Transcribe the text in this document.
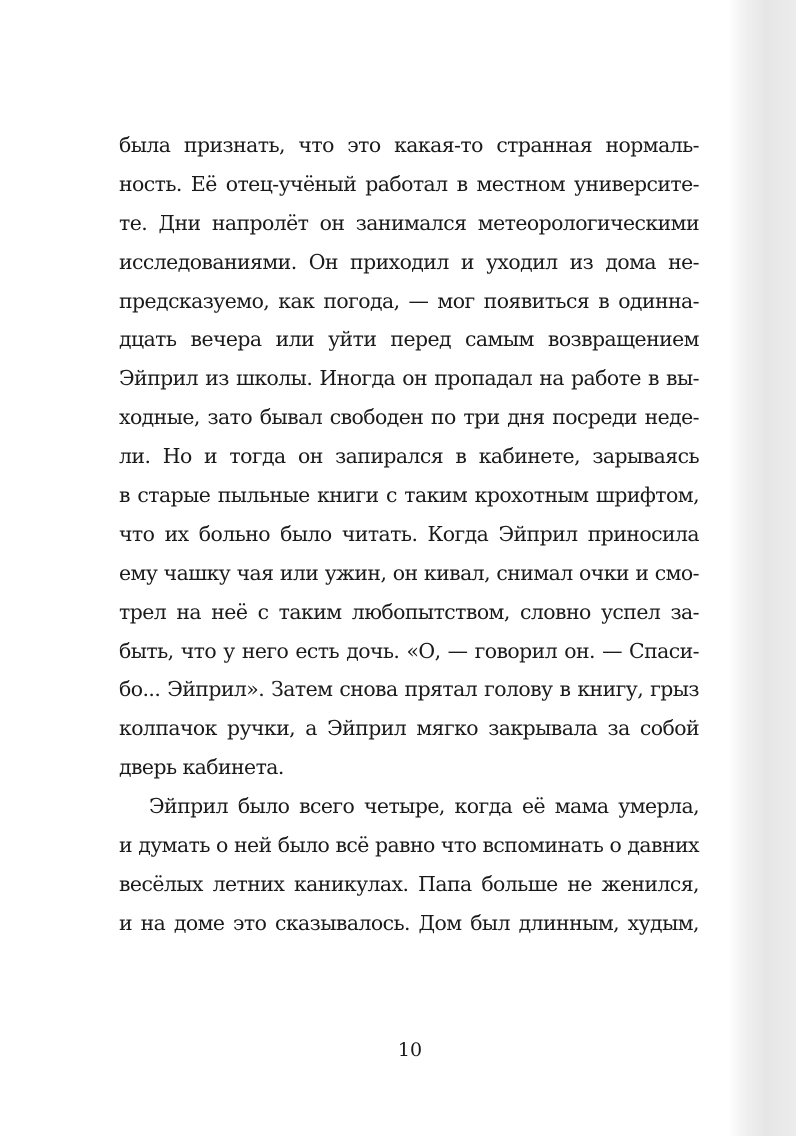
была признать, что это какая-то странная нормаль-
ность. Её отец-учёный работал в местном университе-
те. Дни напролёт он занимался метеорологическими
исследованиями. Он приходил и уходил из дома не-
предсказуемо, как погода, — мог появиться в одинна-
дцать вечера или уйти перед самым возвращением
Эйприл из школы. Иногда он пропадал на работе в вы-
ходные, зато бывал свободен по три дня посреди неде-
ли. Но и тогда он запирался в кабинете, зарываясь
в старые пыльные книги с таким крохотным шрифтом,
что их больно было читать. Когда Эйприл приносила
ему чашку чая или ужин, он кивал, снимал очки и смо-
трел на неё с таким любопытством, словно успел за-
быть, что у него есть дочь. «О, — говорил он. — Спаси-
бо... Эйприл». Затем снова прятал голову в книгу, грыз
колпачок ручки, а Эйприл мягко закрывала за собой
дверь кабинета.
Эйприл было всего четыре, когда её мама умерла,
и думать о ней было всё равно что вспоминать о давних
весёлых летних каникулах. Папа больше не женился,
и на доме это сказывалось. Дом был длинным, худым,
10
